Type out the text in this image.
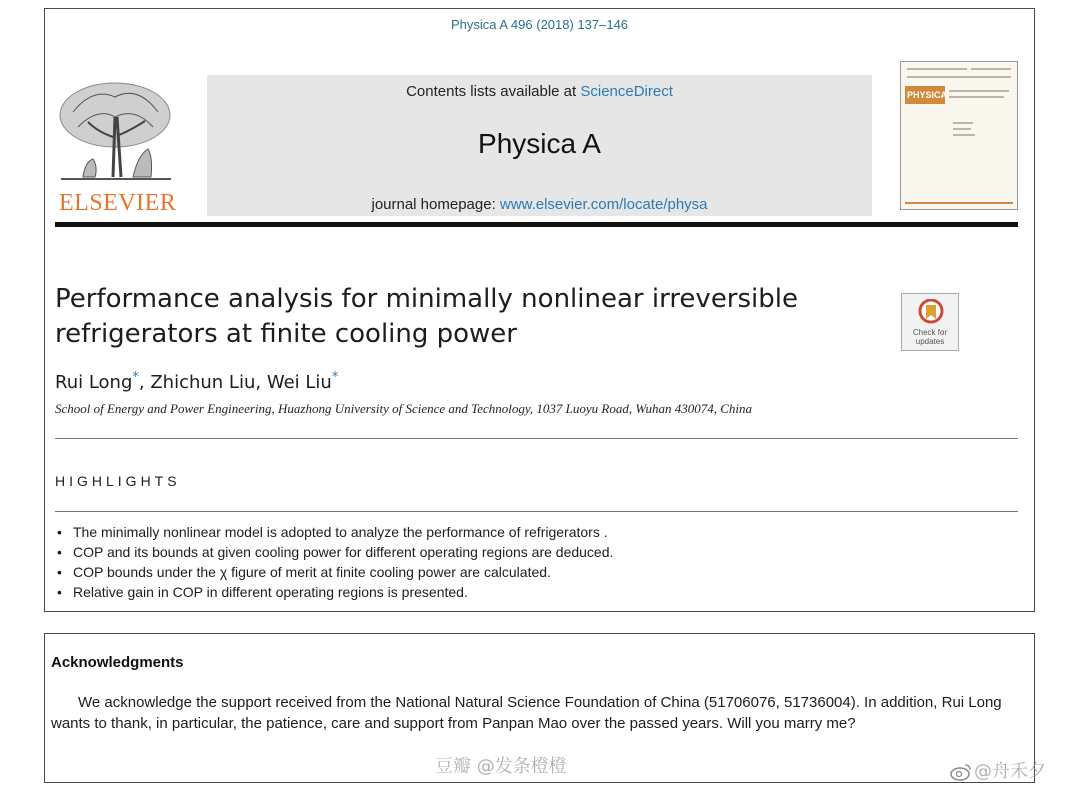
Physica A 496 (2018) 137–146
ELSEVIER
Contents lists available at ScienceDirect
Physica A
journal homepage: www.elsevier.com/locate/physa
PHYSICA
Performance analysis for minimally nonlinear irreversible refrigerators at finite cooling power	Check for updates
Rui Long*, Zhichun Liu, Wei Liu*
School of Energy and Power Engineering, Huazhong University of Science and Technology, 1037 Luoyu Road, Wuhan 430074, China
HIGHLIGHTS
• The minimally nonlinear model is adopted to analyze the performance of refrigerators .
• COP and its bounds at given cooling power for different operating regions are deduced.
• COP bounds under the χ figure of merit at finite cooling power are calculated.
• Relative gain in COP in different operating regions is presented.
Acknowledgments
We acknowledge the support received from the National Natural Science Foundation of China (51706076, 51736004). In addition, Rui Long wants to thank, in particular, the patience, care and support from Panpan Mao over the passed years. Will you marry me?
豆瓣 @发条橙橙	@舟禾夕
